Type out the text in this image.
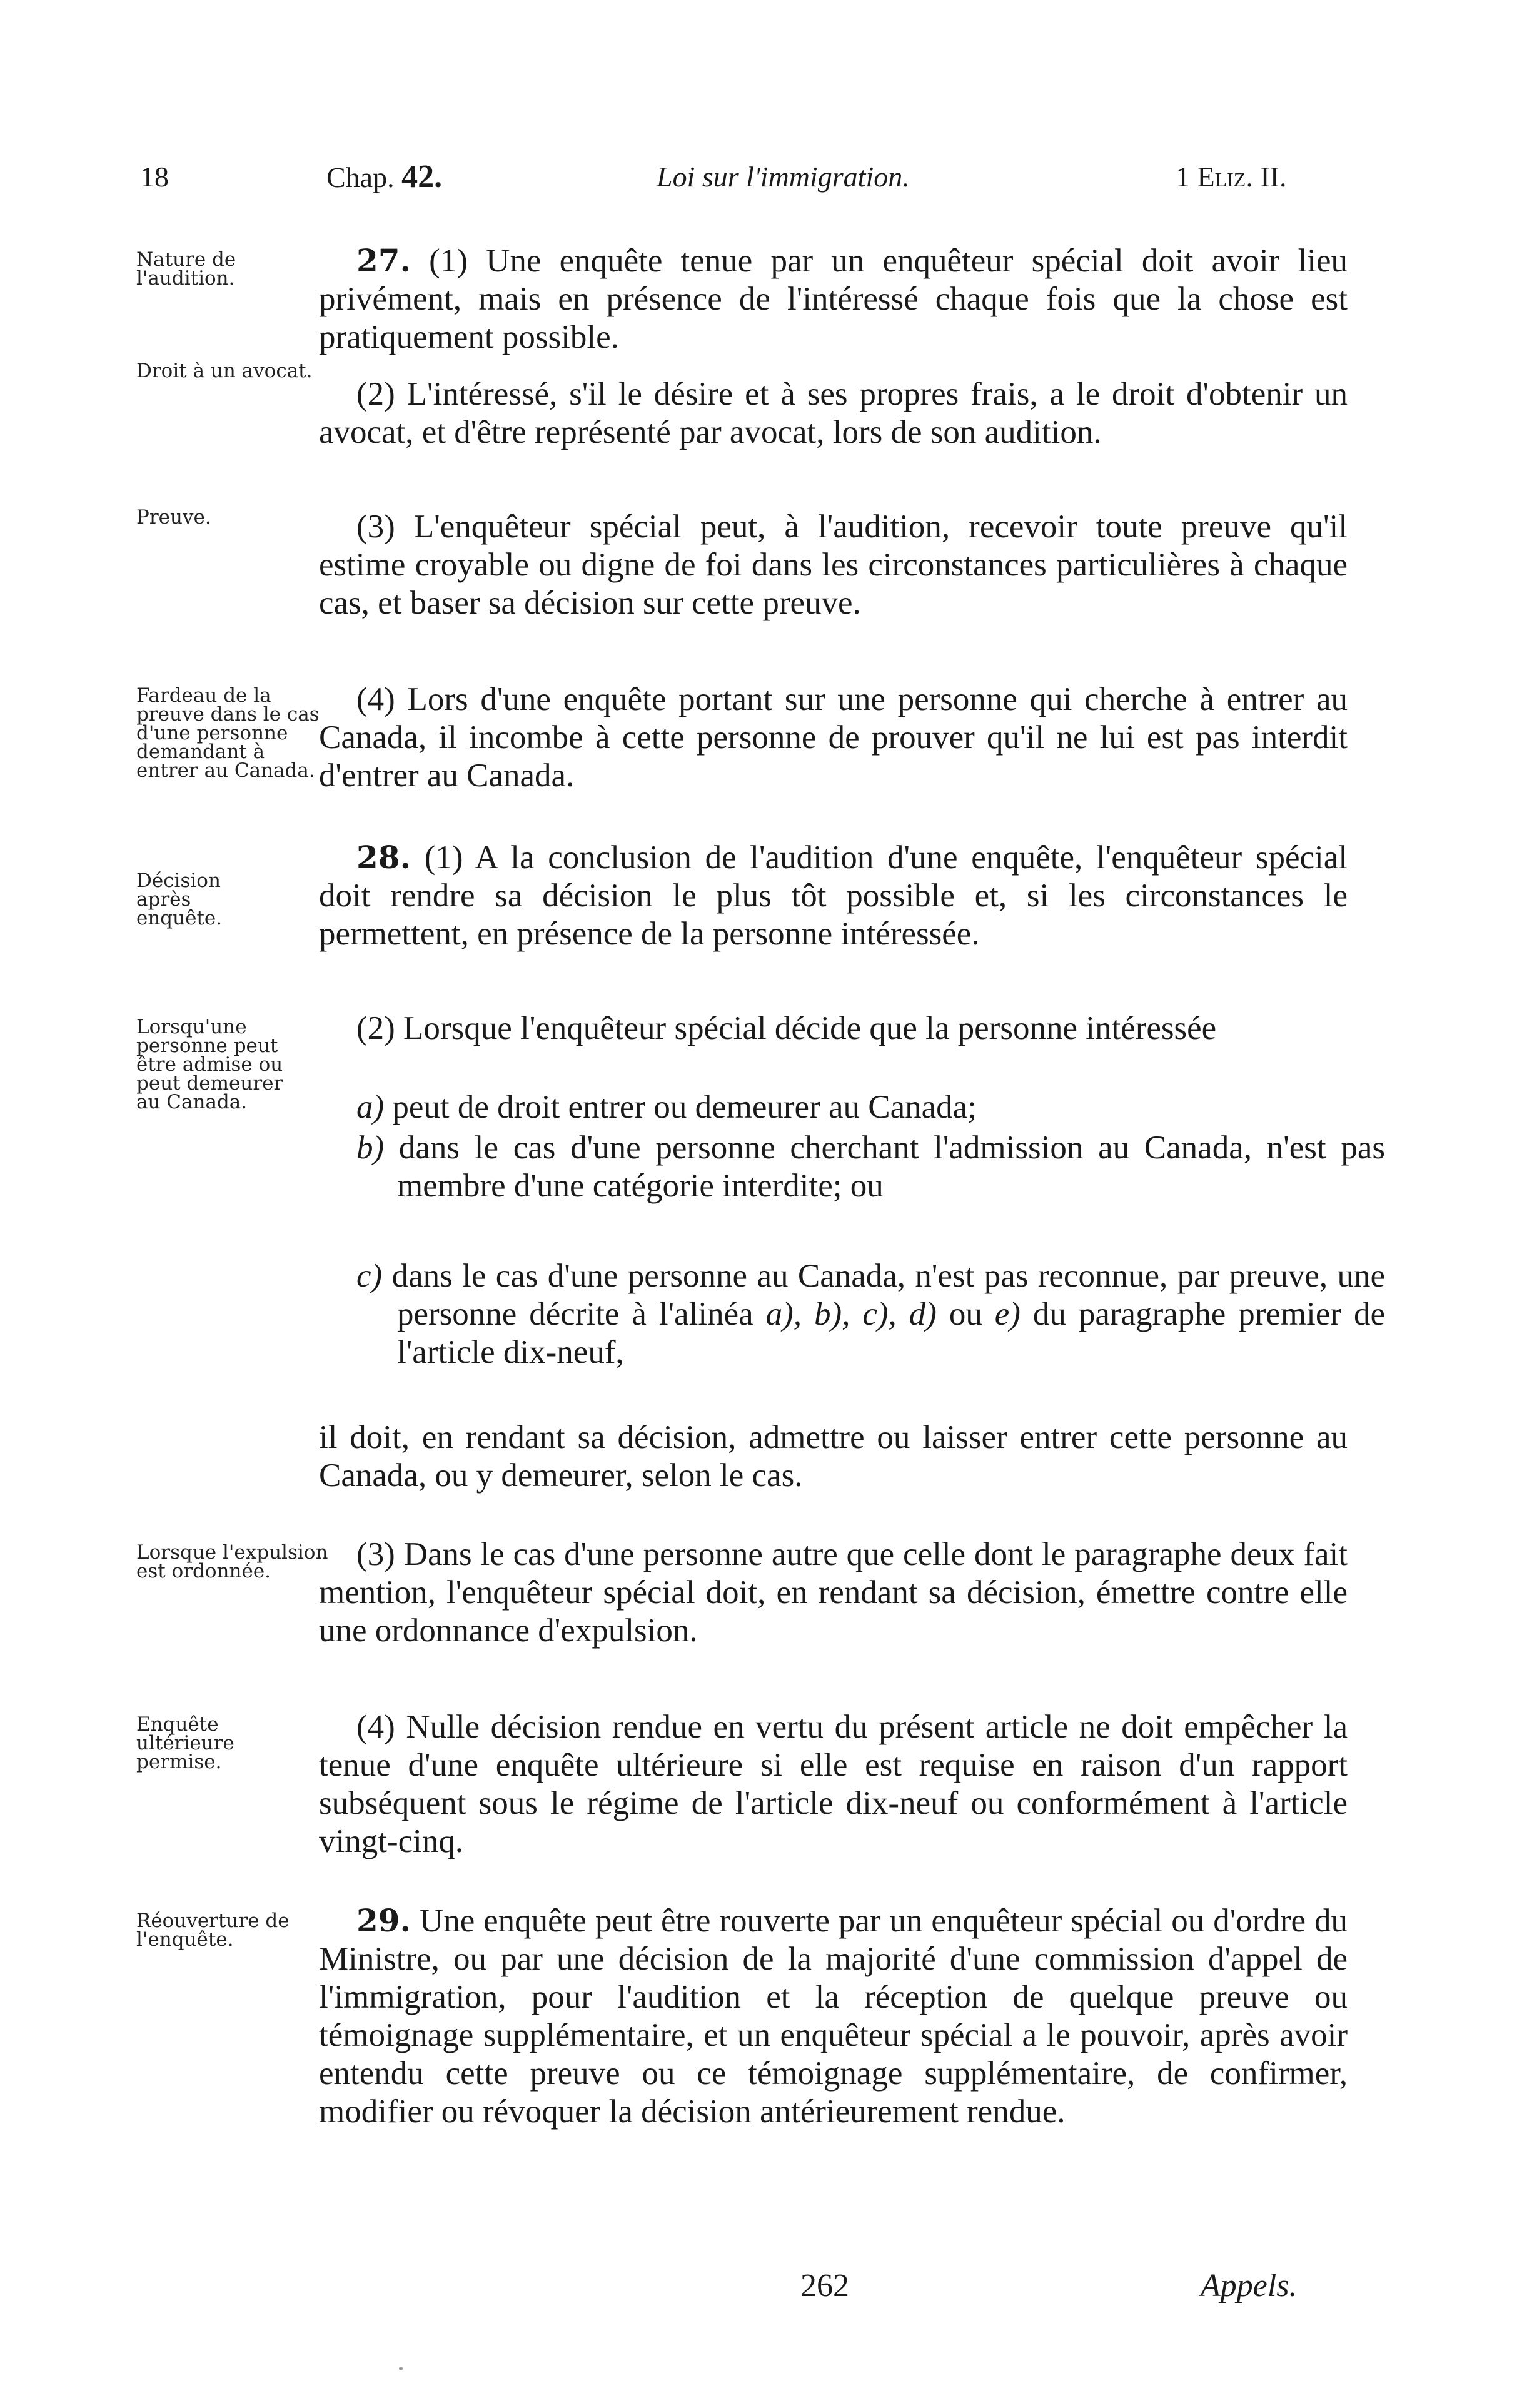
18	Chap. 42.	Loi sur l'immigration.	1 Eliz. II.
Nature de l'audition.
Droit à un avocat.
Preuve.
Fardeau de la preuve dans le cas d'une personne demandant à entrer au Canada.
Décision après enquête.
Lorsqu'une personne peut être admise ou peut demeurer au Canada.
Lorsque l'expulsion est ordonnée.
Enquête ultérieure permise.
Réouverture de l'enquête.
27. (1) Une enquête tenue par un enquêteur spécial doit avoir lieu privément, mais en présence de l'intéressé chaque fois que la chose est pratiquement possible.
(2) L'intéressé, s'il le désire et à ses propres frais, a le droit d'obtenir un avocat, et d'être représenté par avocat, lors de son audition.
(3) L'enquêteur spécial peut, à l'audition, recevoir toute preuve qu'il estime croyable ou digne de foi dans les circonstances particulières à chaque cas, et baser sa décision sur cette preuve.
(4) Lors d'une enquête portant sur une personne qui cherche à entrer au Canada, il incombe à cette personne de prouver qu'il ne lui est pas interdit d'entrer au Canada.
28. (1) A la conclusion de l'audition d'une enquête, l'enquêteur spécial doit rendre sa décision le plus tôt possible et, si les circonstances le permettent, en présence de la personne intéressée.
(2) Lorsque l'enquêteur spécial décide que la personne intéressée
a) peut de droit entrer ou demeurer au Canada;
b) dans le cas d'une personne cherchant l'admission au Canada, n'est pas membre d'une catégorie interdite; ou
c) dans le cas d'une personne au Canada, n'est pas reconnue, par preuve, une personne décrite à l'alinéa a), b), c), d) ou e) du paragraphe premier de l'article dix-neuf,
il doit, en rendant sa décision, admettre ou laisser entrer cette personne au Canada, ou y demeurer, selon le cas.
(3) Dans le cas d'une personne autre que celle dont le paragraphe deux fait mention, l'enquêteur spécial doit, en rendant sa décision, émettre contre elle une ordonnance d'expulsion.
(4) Nulle décision rendue en vertu du présent article ne doit empêcher la tenue d'une enquête ultérieure si elle est requise en raison d'un rapport subséquent sous le régime de l'article dix-neuf ou conformément à l'article vingt-cinq.
29. Une enquête peut être rouverte par un enquêteur spécial ou d'ordre du Ministre, ou par une décision de la majorité d'une commission d'appel de l'immigration, pour l'audition et la réception de quelque preuve ou témoignage supplémentaire, et un enquêteur spécial a le pouvoir, après avoir entendu cette preuve ou ce témoignage supplémentaire, de confirmer, modifier ou révoquer la décision antérieurement rendue.
262	Appels.
